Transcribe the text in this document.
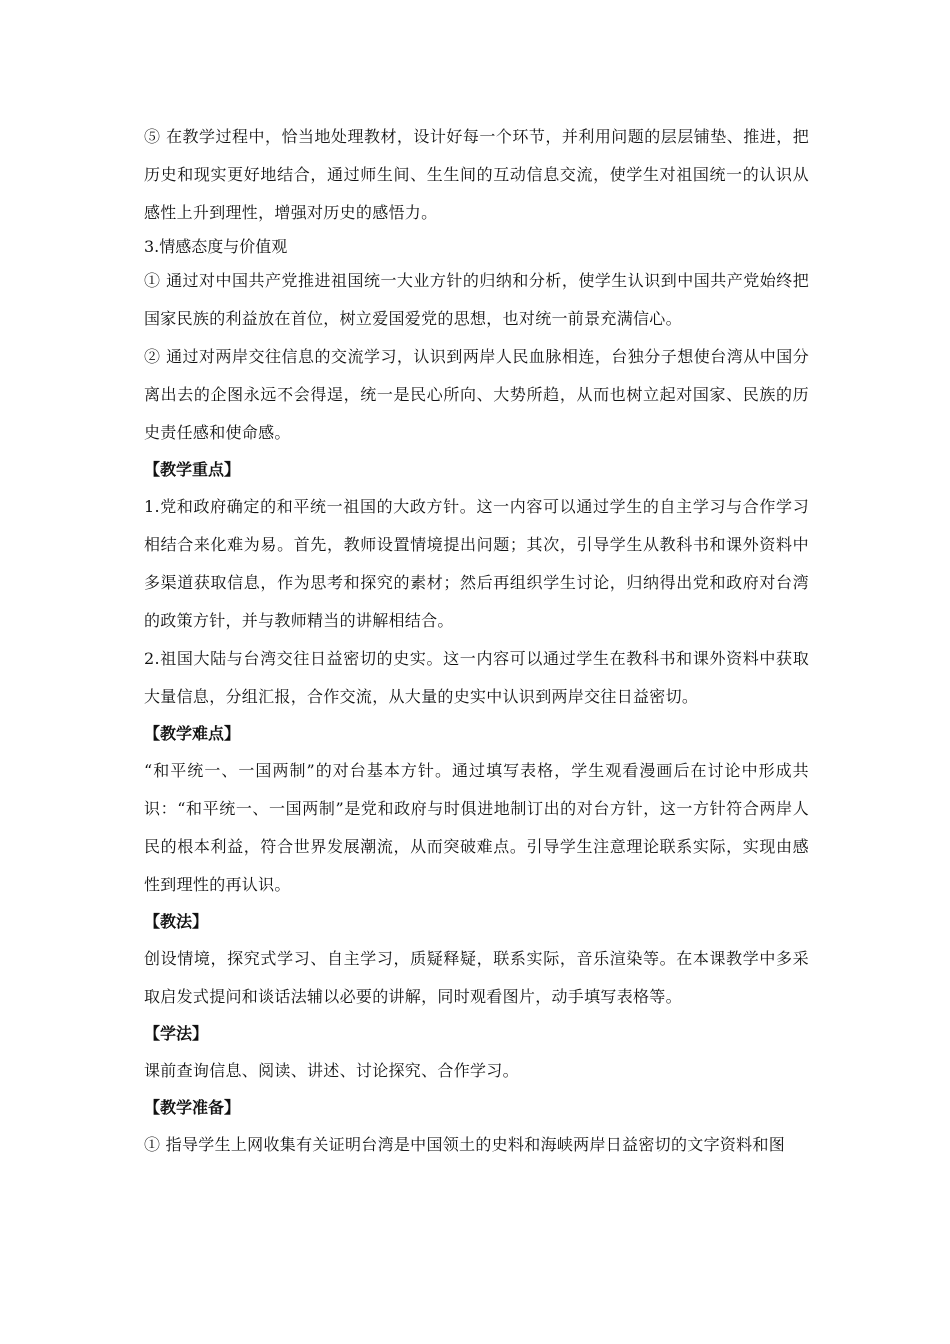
⑤ 在教学过程中，恰当地处理教材，设计好每一个环节，并利用问题的层层铺垫、推进，把历史和现实更好地结合，通过师生间、生生间的互动信息交流，使学生对祖国统一的认识从感性上升到理性，增强对历史的感悟力。

3.情感态度与价值观

① 通过对中国共产党推进祖国统一大业方针的归纳和分析，使学生认识到中国共产党始终把国家民族的利益放在首位，树立爱国爱党的思想，也对统一前景充满信心。

② 通过对两岸交往信息的交流学习，认识到两岸人民血脉相连，台独分子想使台湾从中国分离出去的企图永远不会得逞，统一是民心所向、大势所趋，从而也树立起对国家、民族的历史责任感和使命感。

【教学重点】

1.党和政府确定的和平统一祖国的大政方针。这一内容可以通过学生的自主学习与合作学习相结合来化难为易。首先，教师设置情境提出问题；其次，引导学生从教科书和课外资料中多渠道获取信息，作为思考和探究的素材；然后再组织学生讨论，归纳得出党和政府对台湾的政策方针，并与教师精当的讲解相结合。

2.祖国大陆与台湾交往日益密切的史实。这一内容可以通过学生在教科书和课外资料中获取大量信息，分组汇报，合作交流，从大量的史实中认识到两岸交往日益密切。

【教学难点】

“和平统一、一国两制”的对台基本方针。通过填写表格，学生观看漫画后在讨论中形成共识：“和平统一、一国两制”是党和政府与时俱进地制订出的对台方针，这一方针符合两岸人民的根本利益，符合世界发展潮流，从而突破难点。引导学生注意理论联系实际，实现由感性到理性的再认识。

【教法】

创设情境，探究式学习、自主学习，质疑释疑，联系实际，音乐渲染等。在本课教学中多采取启发式提问和谈话法辅以必要的讲解，同时观看图片，动手填写表格等。

【学法】

课前查询信息、阅读、讲述、讨论探究、合作学习。

【教学准备】

① 指导学生上网收集有关证明台湾是中国领土的史料和海峡两岸日益密切的文字资料和图
